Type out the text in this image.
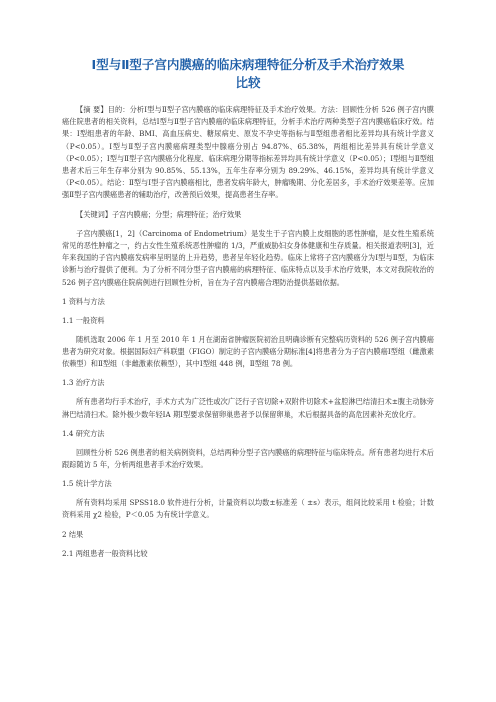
Ⅰ型与Ⅱ型子宫内膜癌的临床病理特征分析及手术治疗效果
比较

【摘 要】目的：分析Ⅰ型与Ⅱ型子宫内膜癌的临床病理特征及手术治疗效果。方法：回顾性分析 526 例子宫内膜癌住院患者的相关资料，总结Ⅰ型与Ⅱ型子宫内膜癌的临床病理特征，分析手术治疗两种类型子宫内膜癌临床疗效。结果：Ⅰ型组患者的年龄、BMI、高血压病史、糖尿病史、原发不孕史等指标与Ⅱ型组患者相比差异均具有统计学意义（P<0.05）。Ⅰ型与Ⅱ型子宫内膜癌病理类型中腺癌分别占 94.87%、65.38%，两组相比差异具有统计学意义（P<0.05）；Ⅰ型与Ⅱ型子宫内膜癌分化程度、临床病理分期等指标差异均具有统计学意义（P<0.05）；Ⅰ型组与Ⅱ型组患者术后三年生存率分别为 90.85%、55.13%，五年生存率分别为 89.29%、46.15%，差异均具有统计学意义（P<0.05）。结论：Ⅱ型与Ⅰ型子宫内膜癌相比，患者发病年龄大，肿瘤晚期、分化差居多，手术治疗效果差等。应加强Ⅱ型子宫内膜癌患者的辅助治疗，改善预后效果，提高患者生存率。

【关键词】子宫内膜癌；分型；病理特征；治疗效果

子宫内膜癌[1，2]（Carcinoma of Endometrium）是发生于子宫内膜上皮细胞的恶性肿瘤，是女性生殖系统常见的恶性肿瘤之一，约占女性生殖系统恶性肿瘤的 1/3，严重威胁妇女身体健康和生存质量。相关报道表明[3]，近年来我国的子宫内膜癌发病率呈明显的上升趋势，患者呈年轻化趋势。临床上常将子宫内膜癌分为Ⅰ型与Ⅱ型，为临床诊断与治疗提供了便利。为了分析不同分型子宫内膜癌的病理特征、临床特点以及手术治疗效果，本文对我院收治的 526 例子宫内膜癌住院病例进行回顾性分析，旨在为子宫内膜癌合理防治提供基础依据。

1 资料与方法
1.1 一般资料

随机选取 2006 年 1 月至 2010 年 1 月在湖南省肿瘤医院初治且明确诊断有完整病历资料的 526 例子宫内膜癌患者为研究对象。根据国际妇产科联盟（FIGO）制定的子宫内膜癌分期标准[4]将患者分为子宫内膜癌Ⅰ型组（雌激素依赖型）和Ⅱ型组（非雌激素依赖型），其中Ⅰ型组 448 例，Ⅱ型组 78 例。

1.3 治疗方法

所有患者均行手术治疗，手术方式为广泛性或次广泛行子宫切除+双附件切除术+盆腔淋巴结清扫术±腹主动脉旁淋巴结清扫术。除外极少数年轻ⅠA 期Ⅰ型要求保留卵巢患者予以保留卵巢，术后根据具备的高危因素补充放化疗。

1.4 研究方法

回顾性分析 526 例患者的相关病例资料，总结两种分型子宫内膜癌的病理特征与临床特点。所有患者均进行术后跟踪随访 5 年，分析两组患者手术治疗效果。

1.5 统计学方法

所有资料均采用 SPSS18.0 软件进行分析，计量资料以均数±标准差（ ±s）表示，组间比较采用 t 检验；计数资料采用 χ2 检验，P＜0.05 为有统计学意义。

2 结果
2.1 两组患者一般资料比较
